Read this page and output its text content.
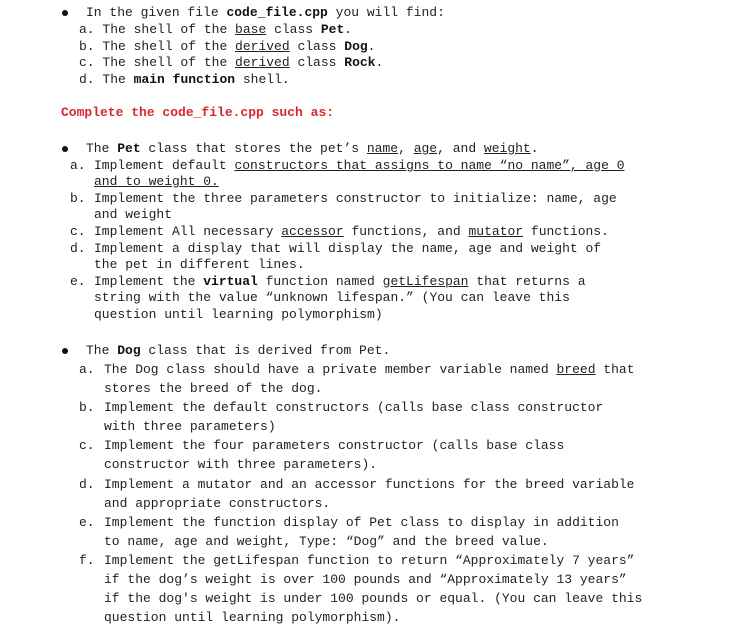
In the given file code_file.cpp you will find:
a. The shell of the base class Pet.
b. The shell of the derived class Dog.
c. The shell of the derived class Rock.
d. The main function shell.
Complete the code_file.cpp such as:
The Pet class that stores the pet’s name, age, and weight.
a. Implement default constructors that assigns to name “no name”, age 0
and to weight 0.
b. Implement the three parameters constructor to initialize: name, age
and weight
c. Implement All necessary accessor functions, and mutator functions.
d. Implement a display that will display the name, age and weight of
the pet in different lines.
e. Implement the virtual function named getLifespan that returns a
string with the value “unknown lifespan.” (You can leave this
question until learning polymorphism)
The Dog class that is derived from Pet.
a. The Dog class should have a private member variable named breed that
stores the breed of the dog.
b. Implement the default constructors (calls base class constructor
with three parameters)
c. Implement the four parameters constructor (calls base class
constructor with three parameters).
d. Implement a mutator and an accessor functions for the breed variable
and appropriate constructors.
e. Implement the function display of Pet class to display in addition
to name, age and weight, Type: “Dog” and the breed value.
f. Implement the getLifespan function to return “Approximately 7 years”
if the dog’s weight is over 100 pounds and “Approximately 13 years”
if the dog's weight is under 100 pounds or equal. (You can leave this
question until learning polymorphism).
